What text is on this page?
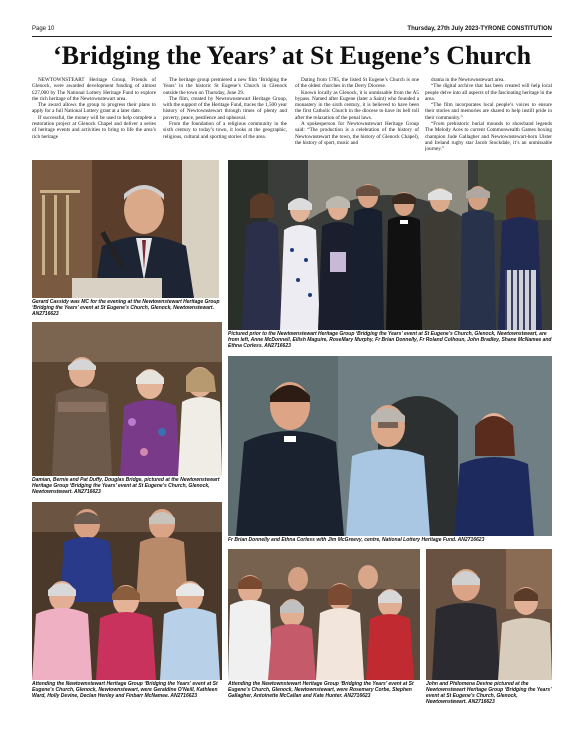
Page 10	Thursday, 27th July 2023-TYRONE CONSTITUTION
‘Bridging the Years’ at St Eugene’s Church

NEWTOWNSTEART Heritage Group, Friends of Glenock, were awarded development funding of almost £27,000 by The National Lottery Heritage Fund to explore the rich heritage of the Newtownstewart area.

The award allows the group to progress their plans to apply for a full National Lottery grant at a later date.

If successful, the money will be used to help complete a restoration project at Glenock Chapel and deliver a series of heritage events and activities to bring to life the area’s rich heritage

The heritage group premiered a new film ‘Bridging the Years’ in the historic St Eugene’s Church in Glenock outside the town on Thursday, June 29.

The film, created by Newtownstewart Heritage Group, with the support of the Heritage Fund, traces the 1,500 year history of Newtownstewart through times of plenty and poverty, peace, pestilence and upheaval.

From the foundation of a religious community in the sixth century to today’s town, it looks at the geographic, religious, cultural and sporting stories of the area.

Dating from 1785, the listed St Eugene’s Church is one of the oldest churches in the Derry Diocese.

Known locally as Glenock, it is unmissable from the A5 bypass. Named after Eugene (later a Saint) who founded a monastery in the sixth century, it is believed to have been the first Catholic Church in the diocese to have its bell toll after the relaxation of the penal laws.

A spokesperson for Newtownstewart Heritage Group said: “The production is a celebration of the history of Newtownstewart the town, the history of Glenock Chapel), the history of sport, music and

drama in the Newtownstewart area.

“The digital archive that has been created will help local people delve into all aspects of the fascinating heritage in the area.

“The film incorporates local people’s voices to ensure their stories and memories are shared to help instill pride in their community.”

“From prehistoric burial mounds to showband legends The Melody Aces to current Commonwealth Games boxing champion Jude Gallagher and Newtownstewart-born Ulster and Ireland rugby star Jacob Stockdale, it’s an unmissable journey.”

Gerard Cassidy was MC for the evening at the Newtownstewart Heritage Group ‘Bridging the Years’ event at St Eugene’s Church, Glenock, Newtownstewart. AN2716623
Pictured prior to the Newtownstewart Heritage Group ‘Bridging the Years’ event at St Eugene’s Church, Glenock, Newtownstewart, are from left, Anne McDonnell, Eilish Maguire, RoseMary Murphy, Fr Brian Donnelly, Fr Roland Colhoun, John Bradley, Shane McNamee and Ethna Corless. AN2716623
Damian, Bernie and Pat Duffy, Douglas Bridge, pictured at the Newtownstewart Heritage Group ‘Bridging the Years’ event at St Eugene’s Church, Glenock, Newtownstewart. AN2716623
Fr Brian Donnelly and Ethna Corless with Jim McGreevy, centre, National Lottery Heritage Fund. AN2716623
Attending the Newtownstewart Heritage Group ‘Bridging the Years’ event at St Eugene’s Church, Glenock, Newtownstewart, were Geraldine O’Neill, Kathleen Ward, Holly Devine, Declan Henley and Finbarr McNamee. AN2716623
Attending the Newtownstewart Heritage Group ‘Bridging the Years’ event at St Eugene’s Church, Glenock, Newtownstewart, were Rosemary Corbe, Stephen Gallagher, Antoinette McCallan and Kate Hunter. AN2716623
John and Philomena Devine pictured at the Newtownstewart Heritage Group ‘Bridging the Years’ event at St Eugene’s Church, Glenock, Newtownstewart. AN2716623
